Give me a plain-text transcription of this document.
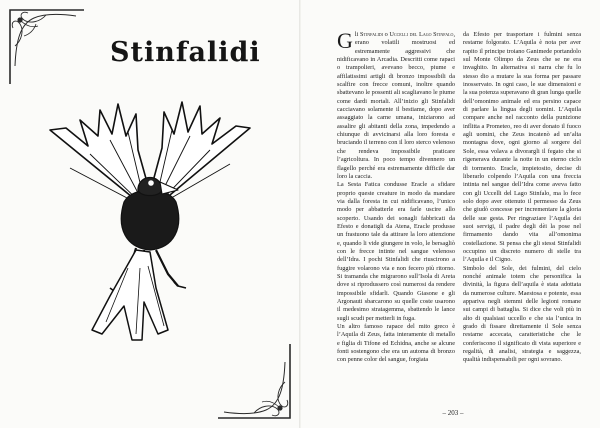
Stinfalidi	Gli Stinfalidi o Uccelli del Lago Stinfalo, erano volatili mostruosi ed estremamente aggressivi che nidificavano in Arcadia. Descritti come rapaci o trampolieri, avevano becco, piume e affilatissimi artigli di bronzo impossibili da scalfire con frecce comuni, inoltre quando sbattevano le possenti ali scagliavano le piume come dardi mortali. All’inizio gli Stinfalidi cacciavano solamente il bestiame, dopo aver assaggiato la carne umana, iniziarono ad assalire gli abitanti della zona, impedendo a chiunque di avvicinarsi alla loro foresta e bruciando il terreno con il loro sterco velenoso che rendeva impossibile praticare l’agricoltura. In poco tempo divennero un flagello perché era estremamente difficile dar loro la caccia.

La Sesta Fatica condusse Eracle a sfidare proprio queste creature in modo da mandare via dalla foresta in cui nidificavano, l’unico modo per abbatterle era farle uscire allo scoperto. Usando dei sonagli fabbricati da Efesto e donatigli da Atena, Eracle produsse un frastuono tale da attirare la loro attenzione e, quando li vide giungere in volo, le bersagliò con le frecce intinte nel sangue velenoso dell’Idra. I pochi Stinfalidi che riuscirono a fuggire volarono via e non fecero più ritorno. Si tramanda che migrarono sull’Isola di Areta dove si riprodussero così numerosi da rendere impossibile sfidarli. Quando Giasone e gli Argonauti sbarcarono su quelle coste usarono il medesimo stratagemma, sbattendo le lance sugli scudi per metterli in fuga.

Un altro famoso rapace del mito greco è l’Aquila di Zeus, fatta interamente di metallo e figlia di Tifone ed Echidna, anche se alcune fonti sostengono che era un automa di bronzo con penne color del sangue, forgiata

da Efesto per trasportare i fulmini senza restarne folgorato. L’Aquila è nota per aver rapito il principe troiano Ganimede portandolo sul Monte Olimpo da Zeus che se ne era invaghito. In alternativa si narra che fu lo stesso dio a mutare la sua forma per passare inosservato. In ogni caso, le sue dimensioni e la sua potenza superavano di gran lunga quelle dell’omonimo animale ed era persino capace di parlare la lingua degli uomini. L’Aquila compare anche nel racconto della punizione inflitta a Prometeo, reo di aver donato il fuoco agli uomini, che Zeus incatenò ad un’alta montagna dove, ogni giorno al sorgere del Sole, essa volava a divorargli il fegato che si rigenerava durante la notte in un eterno ciclo di tormento. Eracle, impietosito, decise di liberarlo colpendo l’Aquila con una freccia intinta nel sangue dell’Idra come aveva fatto con gli Uccelli del Lago Stinfalo, ma lo fece solo dopo aver ottenuto il permesso da Zeus che giudò concesse per incrementare la gloria delle sue gesta. Per ringraziare l’Aquila dei suoi servigi, il padre degli dèi la pose nel firmamento dando vita all’omonima costellazione. Si pensa che gli stessi Stinfalidi occupino un discreto numero di stelle tra l’Aquila e il Cigno.

Simbolo del Sole, dei fulmini, del cielo nonché animale totem che personifica la divinità, la figura dell’aquila è stata adottata da numerose culture. Maestosa e potente, essa appariva negli stemmi delle legioni romane sui campi di battaglia. Si dice che voli più in alto di qualsiasi uccello e che sia l’unica in grado di fissare direttamente il Sole senza restarne accecata, caratteristiche che le conferiscono il significato di vista superiore e regalità, di analisi, strategia e saggezza, qualità indispensabili per ogni sovrano.

– 203 –
